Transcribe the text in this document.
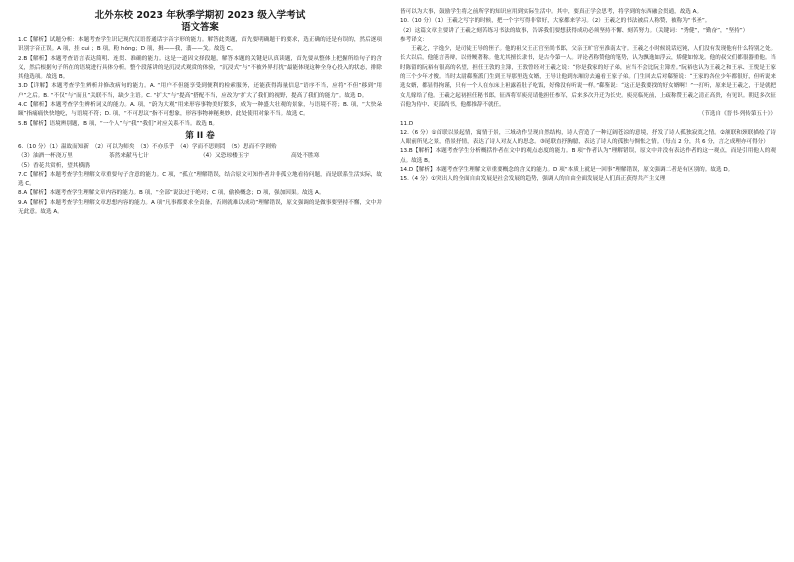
北外东校 2023 年秋季学期初 2023 级入学考试
语文答案
1.C【解析】试题分析：本题考查学生识记现代汉语普通话字音字形的能力。解答此类题，首先要明确题干的要求，选正确的还是有误的，然后逐项识别字音正误。A 项，挂 cuì ；B 项，粉 hóng；D 项，揖——我，翡——戈。故选 C。
2.B【解析】本题考查语言表达简明、连贯、准确的能力。这是一道因文择段题，解答本题的关键是认真读题，首先要从整体上把握所给句子的含义，然后根据句子所在的语境进行具体分析。整个段落讲的是沉浸式观赏的体验，“沉浸式”与“不被外界打扰”最能体现这种全身心投入的状态，排除其他选项。故选 B。
3.D【详解】本题考查学生辨析并修改病句的能力。A. “用户不但能享受到便利的检索服务，还能获得海量信息”语序不当，应将“不但”移到“用户”之后。B. “不仅”与“而且”关联不当，缺少主语。C. “扩大”与“提高”搭配不当，应改为“扩大了我们的视野，提高了我们的能力”。故选 D。
4.C【解析】本题考查学生辨析词义的能力。A. 项，“蔚为大观”用来形容事物美好繁多，成为一种盛大壮观的景象，与语境不符；B. 项，“大快朵颐”指痛痛快快地吃，与语境不符；D. 项，“不可思议”指不可想象，形容事物神秘奥妙，此处使用对象不当。故选 C。
5.B【解析】语境辨别题，B 项，“一个人”与“我”“我们”对应关系不当。故选 B。
第 II 卷
6.（10 分）（1）温故而知新　（2）可以为师矣　（3）不亦乐乎　（4）学而不思则罔　（5）思而不学则殆
（3）油酒一杯浇万里	茶然来献马七计	（4）又恐琼楼玉宇	高处不胜寒
（5）香花共赏析，望其横鹃
7.C【解析】本题考查学生理解文章重要句子含意的能力。C 项，“孤立”理解错误，结合原文可知作者并非孤立地看待问题，而是联系生活实际，故选 C。
8.A【解析】本题考查学生理解文章内容的能力。B 项，“全部”说法过于绝对；C 项，偷换概念；D 项，强加因果。故选 A。
9.A【解析】本题考查学生理解文章思想内容的能力。A 项“凡事都要求全责备，否则就难以成功”理解错误，原文强调的是做事要坚持不懈，文中并无此意。故选 A。
皆可以为大事，鼓励学生将之前所学的知识应用到实际生活中。其中，要真正学会思考，将学到的东西融会贯通，故选 A。
10.（10 分）（1）王羲之写字的时候，把一个字写得非常好，大家都来学习。（2）王羲之的书法被后人称赞，被称为“书圣”。
（2）这篇文章主要讲了王羲之刻苦练习书法的故事，告诉我们要想获得成功必须坚持不懈、刻苦努力。（关键词：“秀健”，“勤奋”，“坚持”）
参考译文：
王羲之，字逸少，是司徒王导的侄子。他的祖父王正官至尚书郎，父亲王旷官至淮南太守。王羲之小时候说话迟钝，人们没有发现他有什么特别之处。长大以后，他能言善辩，以骨鲠著称。他尤其擅长隶书，是古今第一人。评论者称赞他的笔势，认为飘逸如浮云，矫健如惊龙。他的叔父们都很器重他。当时陈留的阮裕有很高的名望，担任王敦的主簿，王敦曾经对王羲之说：“你是我家的好子弟，应当不会比阮主簿差。”阮裕也认为王羲之和王承、王悦是王家的三个少年才俊。当时太尉郗鉴派门生到王导那里选女婿，王导让他到东厢房去遍看王家子弟。门生回去后对郗鉴说：“王家的各位少年都很好，但听说来选女婿，都显得拘谨，只有一个人在东床上袒露着肚子吃饭，好像没有听说一样。”郗鉴说：“这正是我要找的好女婿啊！”一打听，原来是王羲之，于是就把女儿嫁给了他。王羲之起初担任秘书郎，征西将军庾亮请他担任参军，后来多次升迁为长史。庾亮临死前，上疏称赞王羲之清正高贵，有见识。朝廷多次征召他为侍中、吏部尚书，他都推辞不就任。
（节选自《晋书·列传第五十》）
11.D
12.（6 分）①首联以景起情，寓情于景，三域动作呈现自然结构，诗人营造了一种辽阔苍凉的意境，抒发了诗人孤独寂寞之情。②颔联和颈联描绘了诗人眼前所见之景，借景抒情，表达了诗人对友人的思念。③尾联直抒胸臆，表达了诗人的孤独与惆怅之情。（每点 2 分，共 6 分，言之成理亦可得分）
13.B【解析】本题考查学生分析概括作者在文中的观点态度的能力。B 项“作者认为”理解错误，原文中并没有表达作者的这一观点，而是引用他人的观点。故选 B。
14.D【解析】本题考查学生理解文章重要概念的含义的能力。D 项“本质上就是一回事”理解错误，原文强调二者是有区别的。故选 D。
15.（4 分）①突出人的全面自由发展是社会发展的趋势，强调人的自由全面发展是人们真正获得共产主义理
